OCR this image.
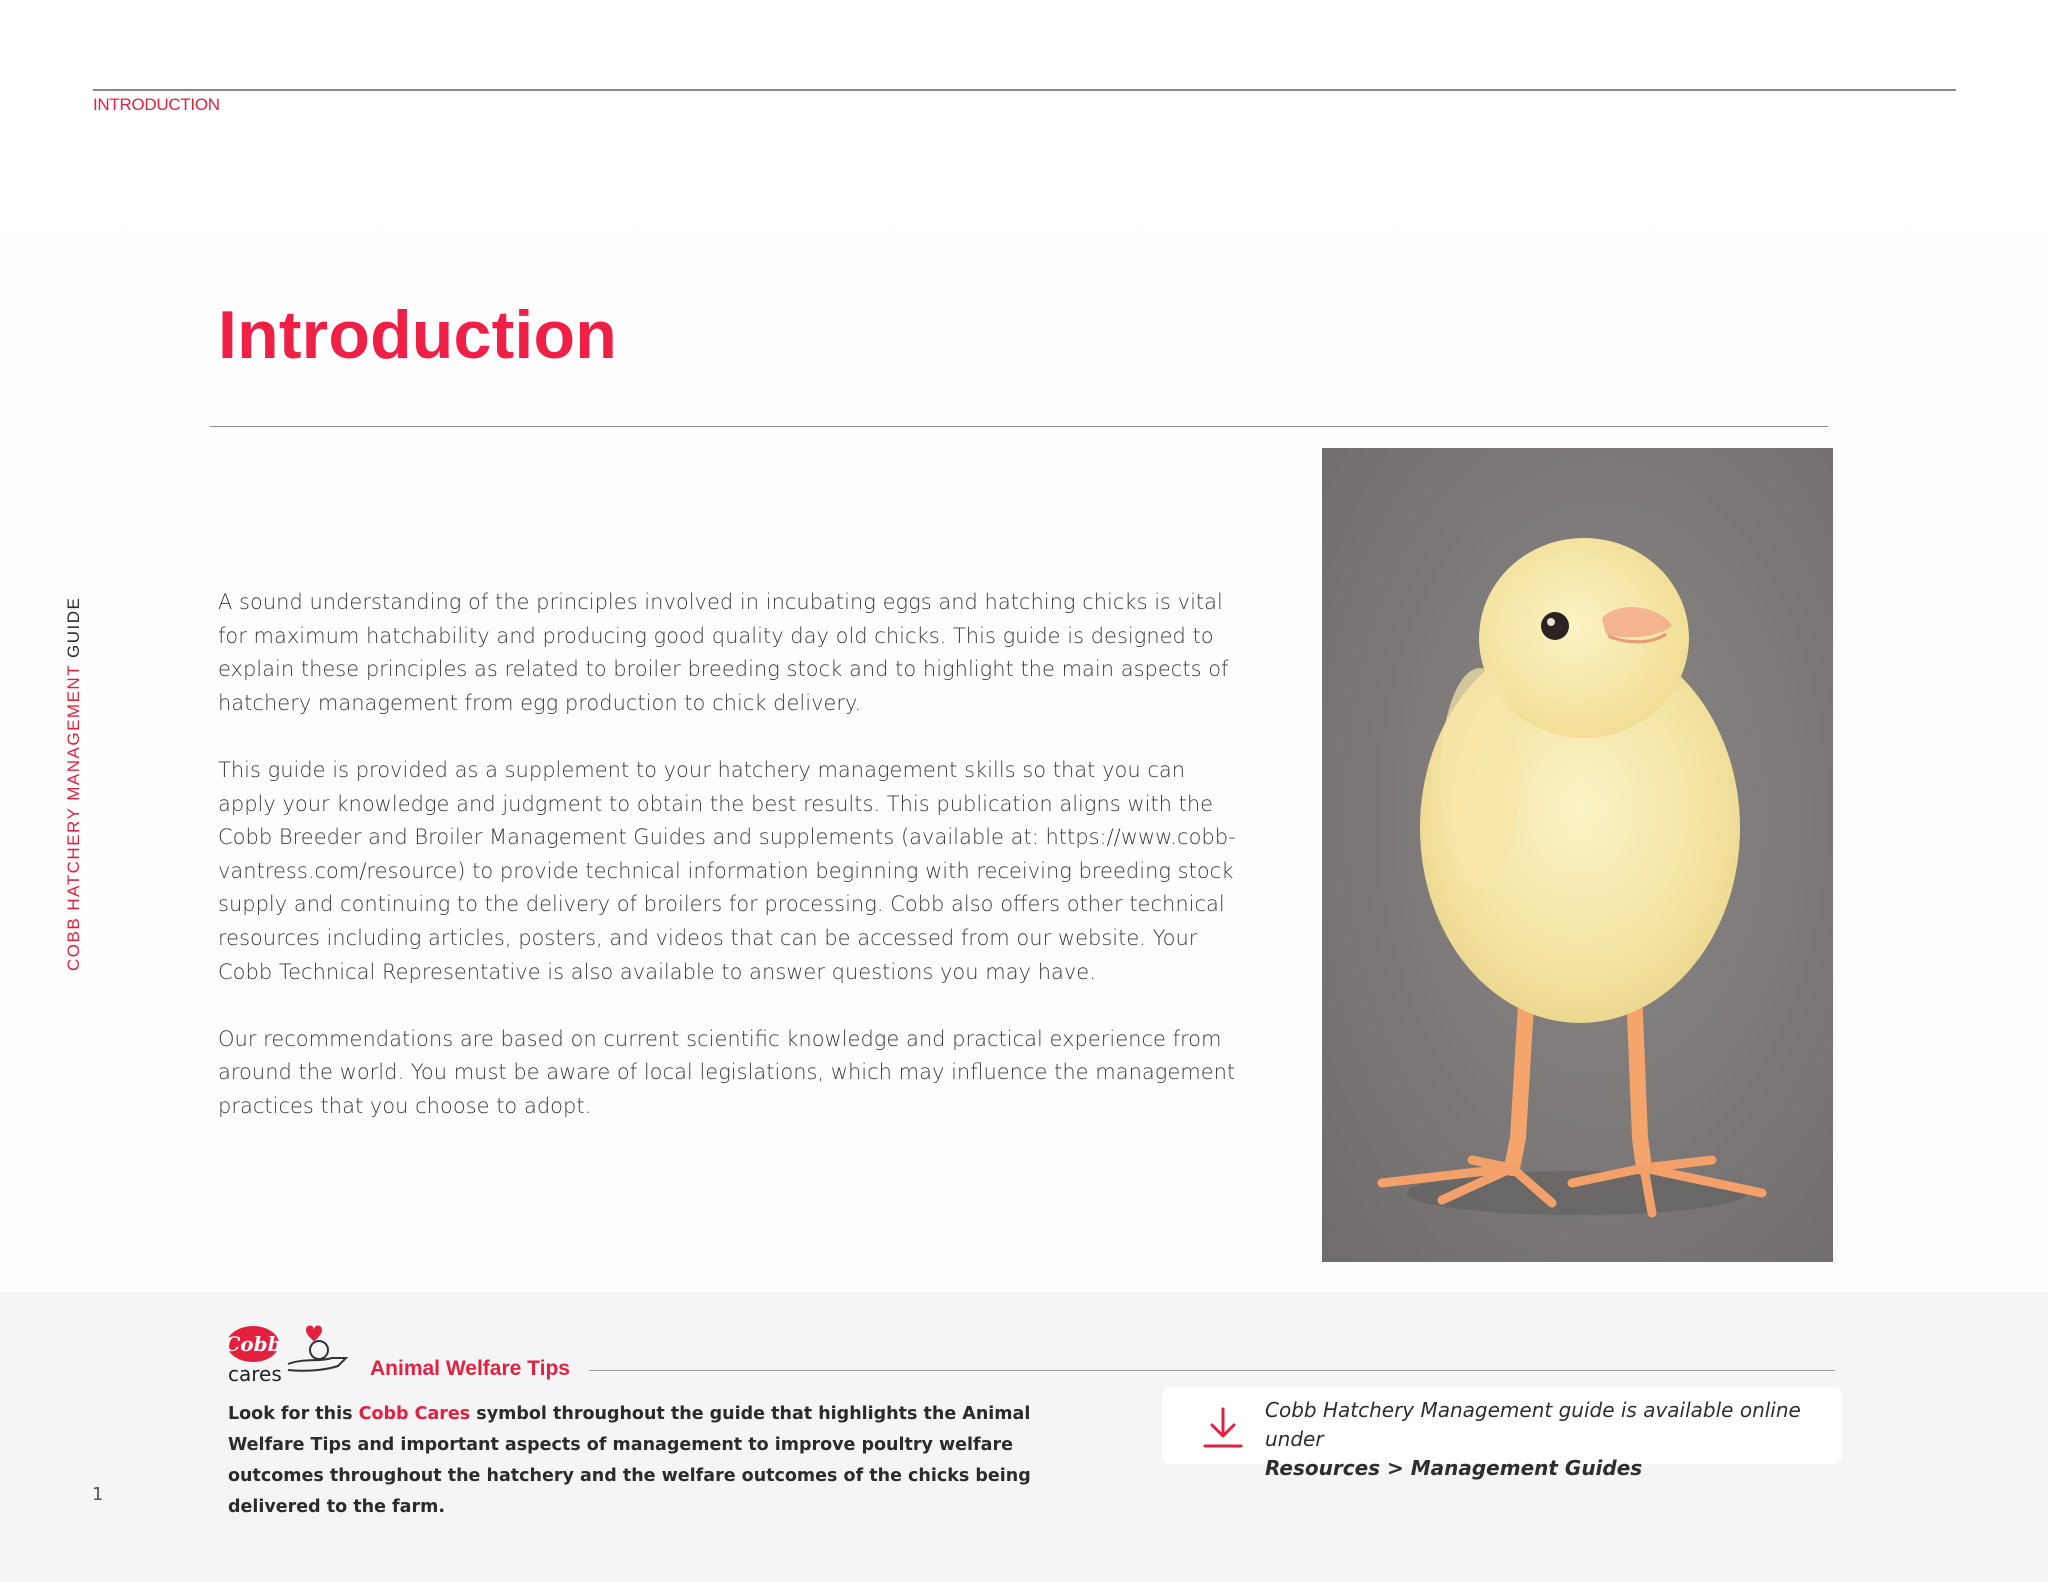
INTRODUCTION
COBB HATCHERY MANAGEMENT GUIDE
Introduction

A sound understanding of the principles involved in incubating eggs and hatching chicks is vital for maximum hatchability and producing good quality day old chicks. This guide is designed to explain these principles as related to broiler breeding stock and to highlight the main aspects of hatchery management from egg production to chick delivery.

This guide is provided as a supplement to your hatchery management skills so that you can apply your knowledge and judgment to obtain the best results. This publication aligns with the Cobb Breeder and Broiler Management Guides and supplements (available at: https://www.cobb-vantress.com/resource) to provide technical information beginning with receiving breeding stock supply and continuing to the delivery of broilers for processing. Cobb also offers other technical resources including articles, posters, and videos that can be accessed from our website. Your Cobb Technical Representative is also available to answer questions you may have.

Our recommendations are based on current scientific knowledge and practical experience from around the world. You must be aware of local legislations, which may influence the management practices that you choose to adopt.

Cobb
cares	Animal Welfare Tips
Look for this Cobb Cares symbol throughout the guide that highlights the Animal Welfare Tips and important aspects of management to improve poultry welfare outcomes throughout the hatchery and the welfare outcomes of the chicks being delivered to the farm.
Cobb Hatchery Management guide is available online under
Resources > Management Guides
1
